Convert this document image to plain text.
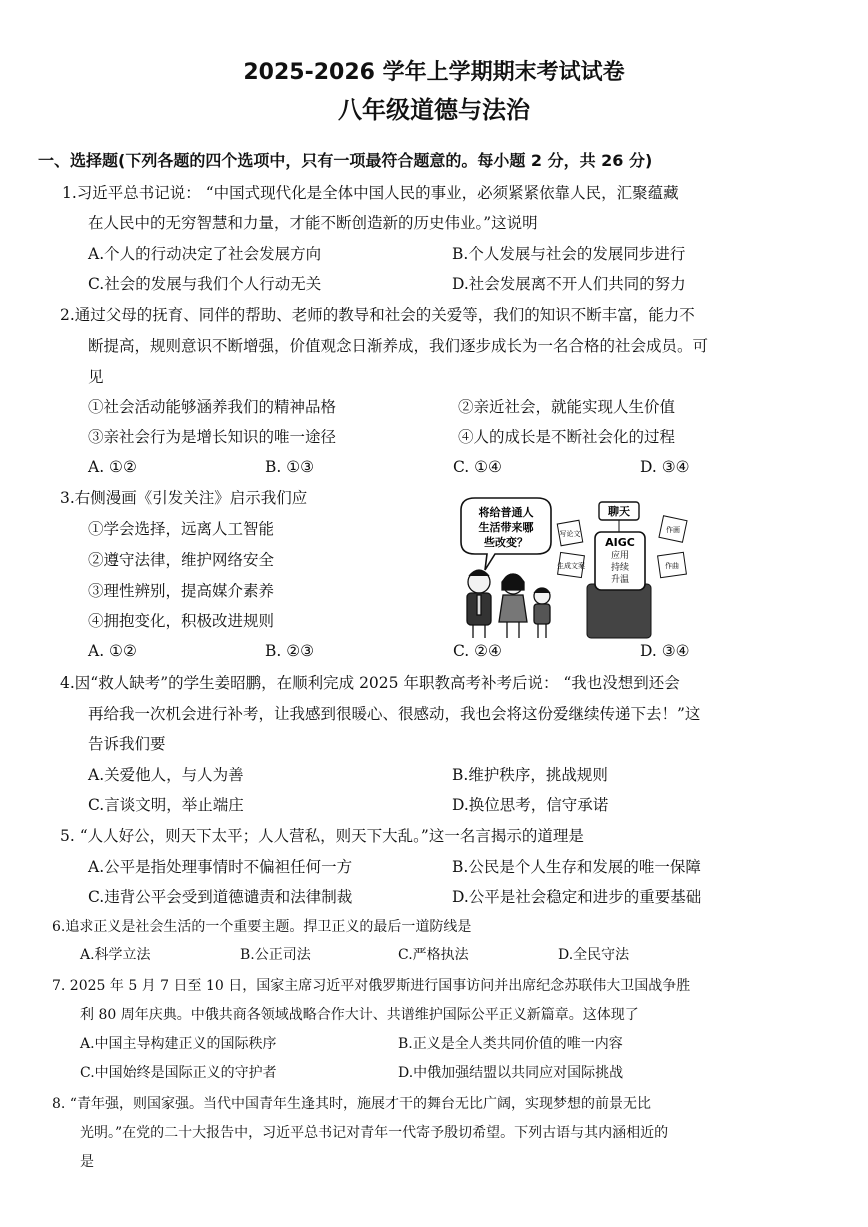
2025-2026 学年上学期期末考试试卷
八年级道德与法治
一、选择题(下列各题的四个选项中，只有一项最符合题意的。每小题 2 分，共 26 分)
1.习近平总书记说： “中国式现代化是全体中国人民的事业，必须紧紧依靠人民，汇聚蕴藏
在人民中的无穷智慧和力量，才能不断创造新的历史伟业。”这说明
A.个人的行动决定了社会发展方向	B.个人发展与社会的发展同步进行
C.社会的发展与我们个人行动无关	D.社会发展离不开人们共同的努力
2.通过父母的抚育、同伴的帮助、老师的教导和社会的关爱等，我们的知识不断丰富，能力不
断提高，规则意识不断增强，价值观念日渐养成，我们逐步成长为一名合格的社会成员。可
见
①社会活动能够涵养我们的精神品格	②亲近社会，就能实现人生价值
③亲社会行为是增长知识的唯一途径	④人的成长是不断社会化的过程
A. ①②	B. ①③	C. ①④	D. ③④
3.右侧漫画《引发关注》启示我们应
①学会选择，远离人工智能
②遵守法律，维护网络安全
③理性辨别，提高媒介素养
④拥抱变化，积极改进规则
A. ①②	B. ②③	C. ②④	D. ③④
将给普通人
生活带来哪
些改变？	AIGC
应用
持续
升温
聊天
写论文
生成文案
作画
作曲
4.因“救人缺考”的学生姜昭鹏，在顺利完成 2025 年职教高考补考后说： “我也没想到还会
再给我一次机会进行补考，让我感到很暖心、很感动，我也会将这份爱继续传递下去！”这
告诉我们要
A.关爱他人，与人为善	B.维护秩序，挑战规则
C.言谈文明，举止端庄	D.换位思考，信守承诺
5. “人人好公，则天下太平；人人营私，则天下大乱。”这一名言揭示的道理是
A.公平是指处理事情时不偏袒任何一方	B.公民是个人生存和发展的唯一保障
C.违背公平会受到道德谴责和法律制裁	D.公平是社会稳定和进步的重要基础
6.追求正义是社会生活的一个重要主题。捍卫正义的最后一道防线是
A.科学立法	B.公正司法	C.严格执法	D.全民守法
7. 2025 年 5 月 7 日至 10 日，国家主席习近平对俄罗斯进行国事访问并出席纪念苏联伟大卫国战争胜
利 80 周年庆典。中俄共商各领域战略合作大计、共谱维护国际公平正义新篇章。这体现了
A.中国主导构建正义的国际秩序	B.正义是全人类共同价值的唯一内容
C.中国始终是国际正义的守护者	D.中俄加强结盟以共同应对国际挑战
8. “青年强，则国家强。当代中国青年生逢其时，施展才干的舞台无比广阔，实现梦想的前景无比
光明。”在党的二十大报告中，习近平总书记对青年一代寄予殷切希望。下列古语与其内涵相近的
是
